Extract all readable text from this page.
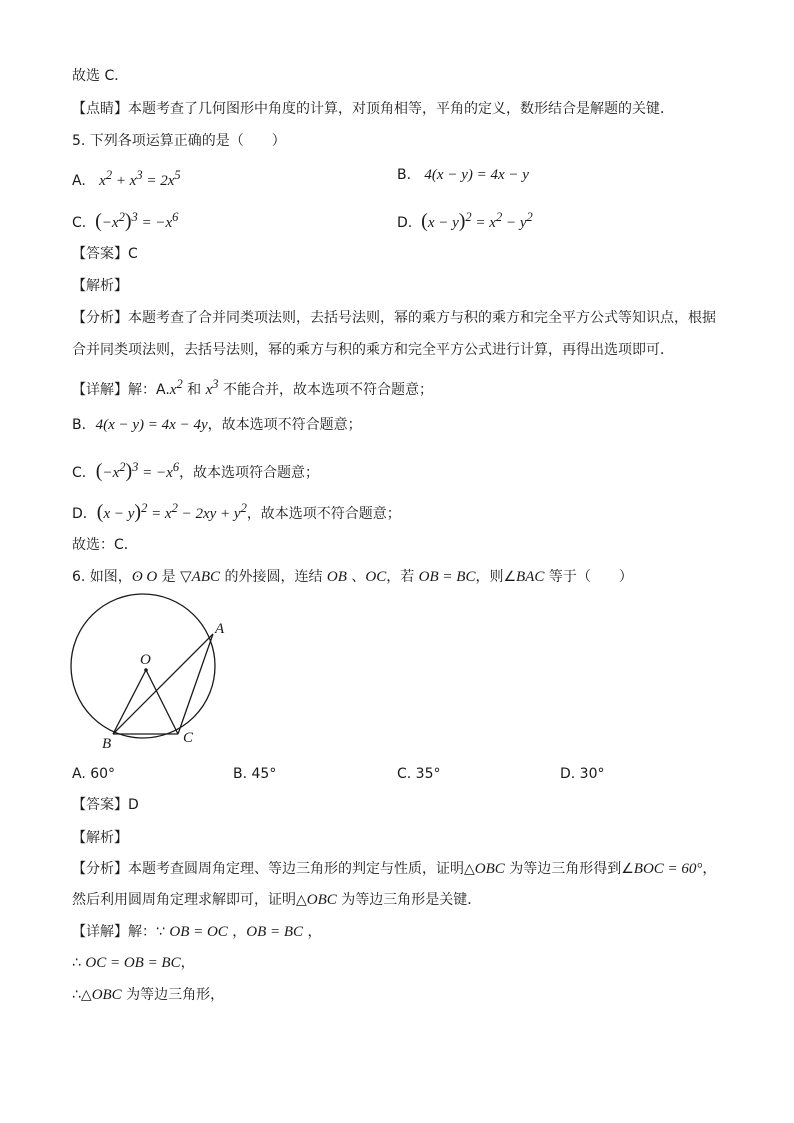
故选 C．
【点睛】本题考查了几何图形中角度的计算，对顶角相等，平角的定义，数形结合是解题的关键．
5. 下列各项运算正确的是（　　）
A. $x^2 + x^3 = 2x^5$	B. 4(x − y) = 4x − y
C. $(-x^2)^3 = -x^6$	D. $(x - y)^2 = x^2 - y^2$
【答案】C
【解析】
【分析】本题考查了合并同类项法则，去括号法则，幂的乘方与积的乘方和完全平方公式等知识点，根据
合并同类项法则，去括号法则，幂的乘方与积的乘方和完全平方公式进行计算，再得出选项即可．
【详解】解：$A.x^2$ 和 $x^3$ 不能合并，故本选项不符合题意；
B．4(x − y) = 4x − 4y，故本选项不符合题意；
C．$(-x^2)^3 = -x^6$，故本选项符合题意；
D．$(x - y)^2 = x^2 - 2xy + y^2$，故本选项不符合题意；
故选：C．
6. 如图，ʘ O 是 ▽ABC 的外接圆，连结 OB 、OC，若 OB = BC，则∠BAC 等于（　　）
O
A
B	C
A. 60°	B. 45°	C. 35°	D. 30°
【答案】D
【解析】
【分析】本题考查圆周角定理、等边三角形的判定与性质，证明△OBC 为等边三角形得到∠BOC = 60°，
然后利用圆周角定理求解即可，证明△OBC 为等边三角形是关键．
【详解】解：∵ OB = OC ，OB = BC ，
∴ OC = OB = BC，
∴△OBC 为等边三角形，
